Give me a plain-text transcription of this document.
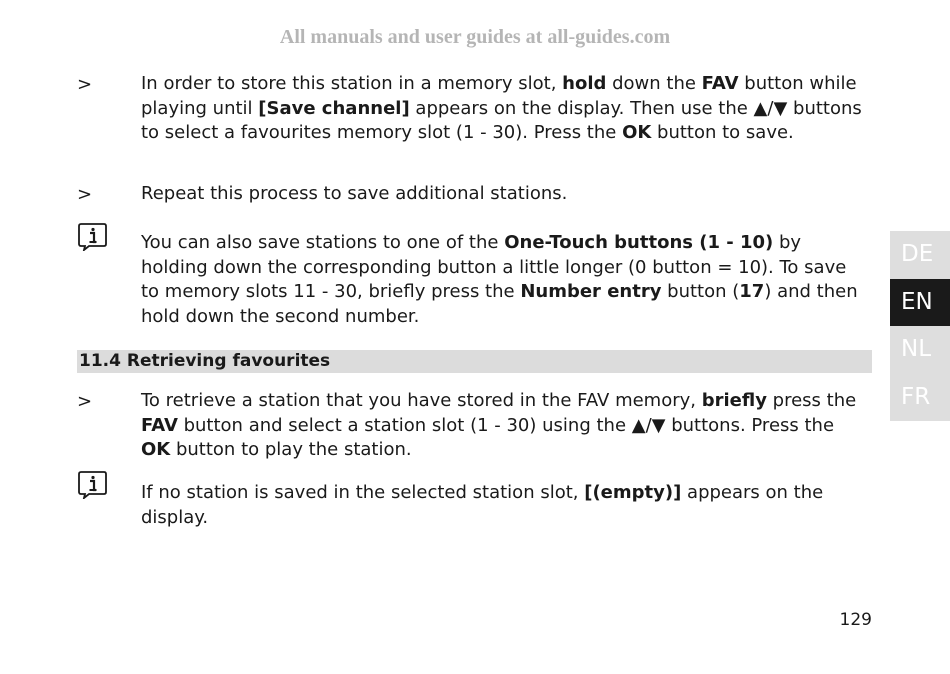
All manuals and user guides at all-guides.com
>	In order to store this station in a memory slot, hold down the FAV button while playing until [Save channel] appears on the display. Then use the ▲/▼ buttons to select a favourites memory slot (1 - 30). Press the OK button to save.
>	Repeat this process to save additional stations.
You can also save stations to one of the One-Touch buttons (1 - 10) by holding down the corresponding button a little longer (0 button = 10). To save to memory slots 11 - 30, briefly press the Number entry button (17) and then hold down the second number.
11.4 Retrieving favourites
>	To retrieve a station that you have stored in the FAV memory, briefly press the FAV button and select a station slot (1 - 30) using the ▲/▼ buttons. Press the OK button to play the station.
If no station is saved in the selected station slot, [(empty)] appears on the display.
129
DE
EN
NL
FR
